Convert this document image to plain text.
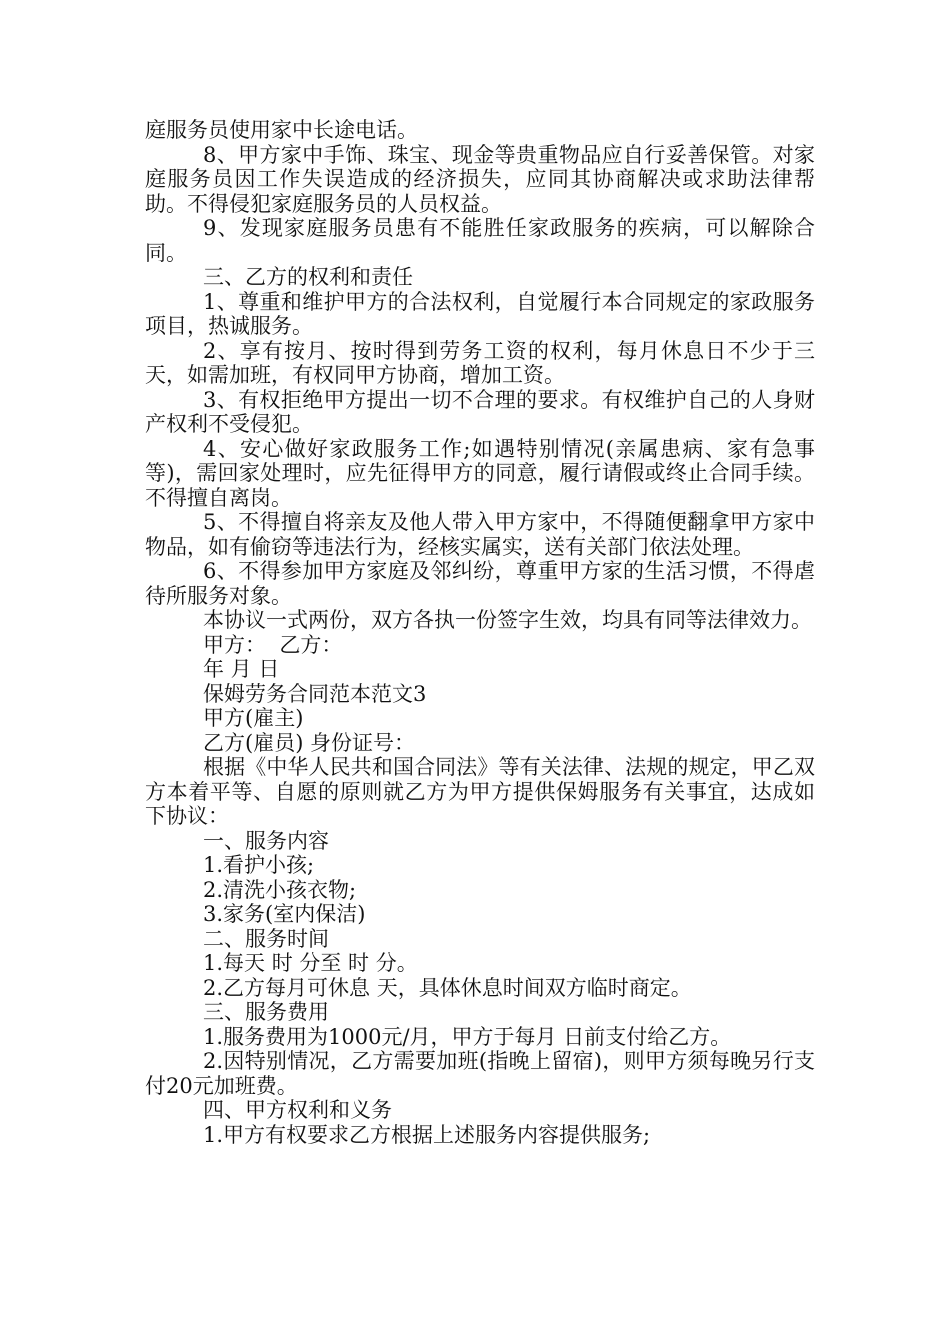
庭服务员使用家中长途电话。

8、甲方家中手饰、珠宝、现金等贵重物品应自行妥善保管。对家庭服务员因工作失误造成的经济损失，应同其协商解决或求助法律帮助。不得侵犯家庭服务员的人员权益。

9、发现家庭服务员患有不能胜任家政服务的疾病，可以解除合同。

三、乙方的权利和责任

1、尊重和维护甲方的合法权利，自觉履行本合同规定的家政服务项目，热诚服务。

2、享有按月、按时得到劳务工资的权利，每月休息日不少于三天，如需加班，有权同甲方协商，增加工资。

3、有权拒绝甲方提出一切不合理的要求。有权维护自己的人身财产权利不受侵犯。

4、安心做好家政服务工作;如遇特别情况(亲属患病、家有急事等)，需回家处理时，应先征得甲方的同意，履行请假或终止合同手续。不得擅自离岗。

5、不得擅自将亲友及他人带入甲方家中，不得随便翻拿甲方家中物品，如有偷窃等违法行为，经核实属实，送有关部门依法处理。

6、不得参加甲方家庭及邻纠纷，尊重甲方家的生活习惯，不得虐待所服务对象。

本协议一式两份，双方各执一份签字生效，均具有同等法律效力。

甲方：  乙方：

年 月 日

保姆劳务合同范本范文3

甲方(雇主)

乙方(雇员) 身份证号：

根据《中华人民共和国合同法》等有关法律、法规的规定，甲乙双方本着平等、自愿的原则就乙方为甲方提供保姆服务有关事宜，达成如下协议：

一、服务内容

1.看护小孩;

2.清洗小孩衣物;

3.家务(室内保洁)

二、服务时间

1.每天 时 分至 时 分。

2.乙方每月可休息 天，具体休息时间双方临时商定。

三、服务费用

1.服务费用为1000元/月，甲方于每月 日前支付给乙方。

2.因特别情况，乙方需要加班(指晚上留宿)，则甲方须每晚另行支付20元加班费。

四、甲方权利和义务

1.甲方有权要求乙方根据上述服务内容提供服务;
